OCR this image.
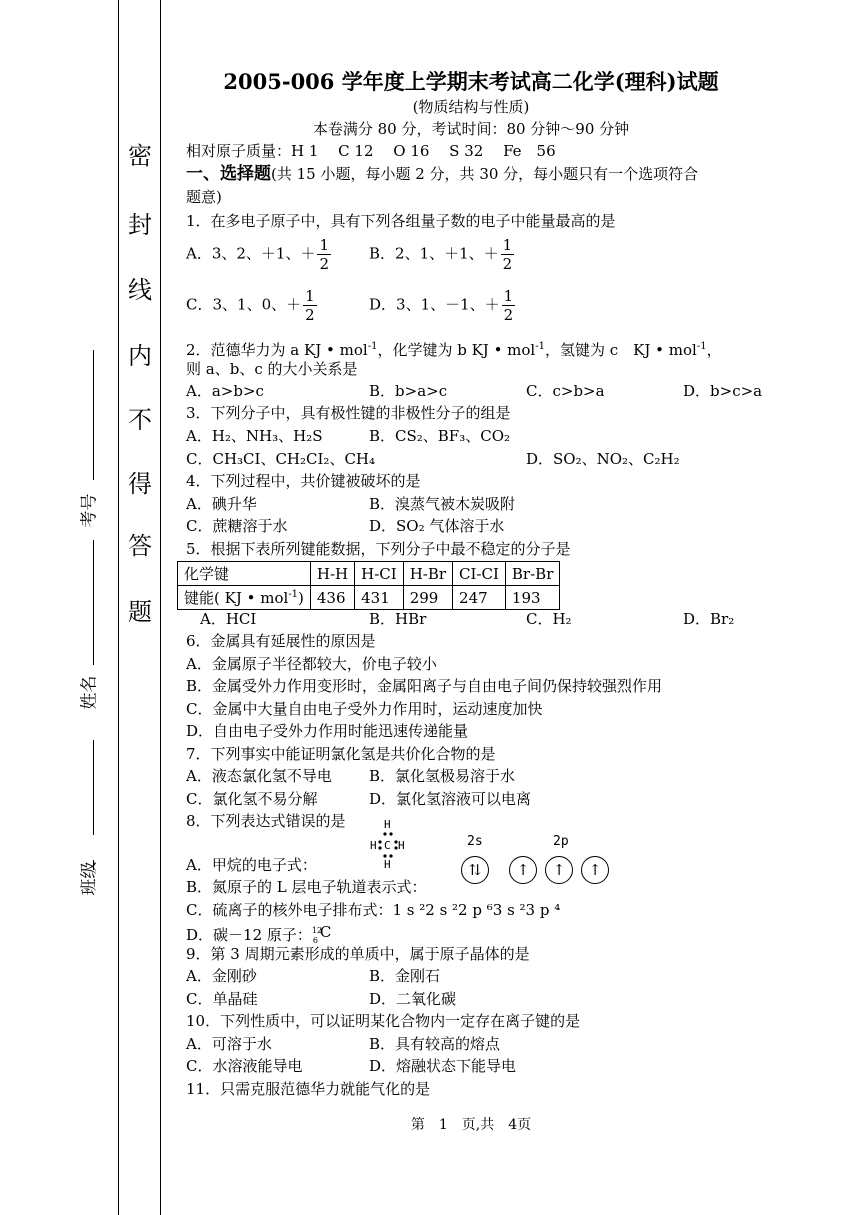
密
封
线
内
不
得
答
题
考号
姓名
班级
2005-006 学年度上学期末考试高二化学(理科)试题
(物质结构与性质)
本卷满分 80 分，考试时间：80 分钟～90 分钟
相对原子质量：H 1　 C 12　 O 16　 S 32　 Fe　56
一、选择题(共 15 小题，每小题 2 分，共 30 分，每小题只有一个选项符合
题意)
1．在多电子原子中，具有下列各组量子数的电子中能量最高的是
A．3、2、＋1、＋ $\frac{1}{2}$	B．2、1、＋1、＋ $\frac{1}{2}$
C．3、1、0、＋ $\frac{1}{2}$	D．3、1、－1、＋ $\frac{1}{2}$
2．范德华力为 a KJ • mol$^{-1}$，化学键为 b KJ • mol$^{-1}$，氢键为 c　KJ • mol$^{-1}$，
则 a、b、c 的大小关系是
A．a>b>c	B．b>a>c	C．c>b>a	D．b>c>a
3．下列分子中，具有极性键的非极性分子的组是
A．H₂、NH₃、H₂S	B．CS₂、BF₃、CO₂
C．CH₃CI、CH₂CI₂、CH₄	D．SO₂、NO₂、C₂H₂
4．下列过程中，共价键被破坏的是
A．碘升华	B．溴蒸气被木炭吸附
C．蔗糖溶于水	D．SO₂ 气体溶于水
5．根据下表所列键能数据，下列分子中最不稳定的分子是
化学键	H-H	H-CI	H-Br	CI-CI	Br-Br
键能( KJ • mol$^{-1}$)	436	431	299	247	193
A．HCI	B．HBr	C．H₂	D．Br₂
6．金属具有延展性的原因是
A．金属原子半径都较大，价电子较小
B．金属受外力作用变形时，金属阳离子与自由电子间仍保持较强烈作用
C．金属中大量自由电子受外力作用时，运动速度加快
D．自由电子受外力作用时能迅速传递能量
7．下列事实中能证明氯化氢是共价化合物的是
A．液态氯化氢不导电 B．氯化氢极易溶于水
C．氯化氢不易分解	D．氯化氢溶液可以电离
8．下列表达式错误的是	H
H C H
H
A．甲烷的电子式：
2s	2p
⇅	↑	↑	↑
B．氮原子的 L 层电子轨道表示式：
C．硫离子的核外电子排布式：1 s ²2 s ²2 p ⁶3 s ²3 p ⁴
D．碳－12 原子： 12
6 C
9．第 3 周期元素形成的单质中，属于原子晶体的是
A．金刚砂	B．金刚石
C．单晶硅	D．二氧化碳
10．下列性质中，可以证明某化合物内一定存在离子键的是
A．可溶于水	B．具有较高的熔点
C．水溶液能导电	D．熔融状态下能导电
11．只需克服范德华力就能气化的是
第　1　页,共　4页
